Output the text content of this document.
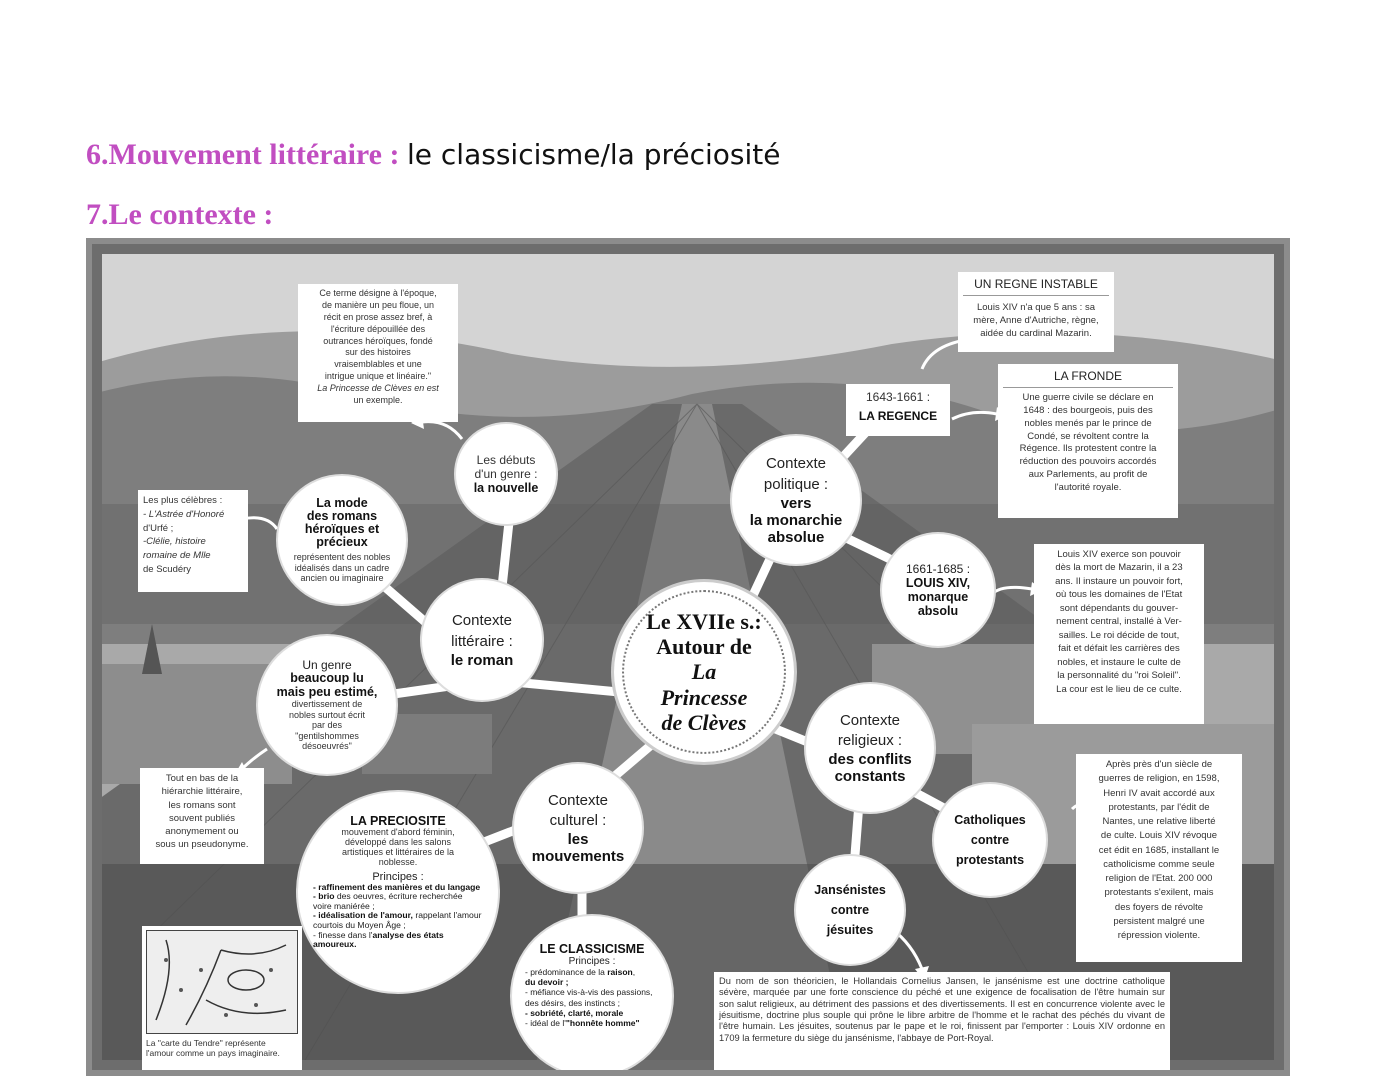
6.Mouvement littéraire : le classicisme/la préciosité
7.Le contexte :
Le XVIIe s.:
Autour de
La
Princesse
de Clèves
Contexte
littéraire :
le roman
Les débuts
d'un genre :
la nouvelle
Ce terme désigne à l'époque,
de manière un peu floue, un
récit en prose assez bref, à
l'écriture dépouillée des
outrances héroïques, fondé
sur des histoires
vraisemblables et une
intrigue unique et linéaire."
La Princesse de Clèves en est
un exemple.
La mode
des romans
héroïques et
précieux
représentent des nobles
idéalisés dans un cadre
ancien ou imaginaire
Les plus célèbres :
- L'Astrée d'Honoré
d'Urfé ;
-Clélie, histoire
romaine de Mlle
de Scudéry
Un genre
beaucoup lu
mais peu estimé,
divertissement de
nobles surtout écrit
par des
"gentilshommes
désoeuvrés"
Tout en bas de la
hiérarchie littéraire,
les romans sont
souvent publiés
anonymement ou
sous un pseudonyme.
LA PRECIOSITE
mouvement d'abord féminin,
développé dans les salons
artistiques et littéraires de la
noblesse.
Principes :
- raffinement des manières et du langage
- brio des oeuvres, écriture recherchée voire maniérée ;
- idéalisation de l'amour, rappelant l'amour courtois du Moyen Âge ;
- finesse dans l'analyse des états amoureux.
La "carte du Tendre" représente
l'amour comme un pays imaginaire.
Contexte
culturel :
les
mouvements
LE CLASSICISME
Principes :
- prédominance de la raison,
du devoir ;
- méfiance vis-à-vis des passions, des désirs, des instincts ;
- sobriété, clarté, morale
- idéal de l'"honnête homme"
Contexte
politique :
vers
la monarchie
absolue
1643-1661 :
LA REGENCE
UN REGNE INSTABLE
Louis XIV n'a que 5 ans : sa
mère, Anne d'Autriche, règne,
aidée du cardinal Mazarin.
LA FRONDE
Une guerre civile se déclare en
1648 : des bourgeois, puis des
nobles menés par le prince de
Condé, se révoltent contre la
Régence. Ils protestent contre la
réduction des pouvoirs accordés
aux Parlements, au profit de
l'autorité royale.
1661-1685 :
LOUIS XIV,
monarque
absolu
Louis XIV exerce son pouvoir
dès la mort de Mazarin, il a 23
ans. Il instaure un pouvoir fort,
où tous les domaines de l'Etat
sont dépendants du gouver-
nement central, installé à Ver-
sailles. Le roi décide de tout,
fait et défait les carrières des
nobles, et instaure le culte de
la personnalité du "roi Soleil".
La cour est le lieu de ce culte.
Contexte
religieux :
des conflits
constants
Catholiques
contre
protestants
Après près d'un siècle de
guerres de religion, en 1598,
Henri IV avait accordé aux
protestants, par l'édit de
Nantes, une relative liberté
de culte. Louis XIV révoque
cet édit en 1685, installant le
catholicisme comme seule
religion de l'Etat. 200 000
protestants s'exilent, mais
des foyers de révolte
persistent malgré une
répression violente.
Jansénistes
contre
jésuites
Du nom de son théoricien, le Hollandais Cornelius Jansen, le jansénisme est une doctrine catholique sévère, marquée par une forte conscience du péché et une exigence de focalisation de l'être humain sur son salut religieux, au détriment des passions et des divertissements. Il est en concurrence violente avec le jésuitisme, doctrine plus souple qui prône le libre arbitre de l'homme et le rachat des péchés du vivant de l'être humain. Les jésuites, soutenus par le pape et le roi, finissent par l'emporter : Louis XIV ordonne en 1709 la fermeture du siège du jansénisme, l'abbaye de Port-Royal.
